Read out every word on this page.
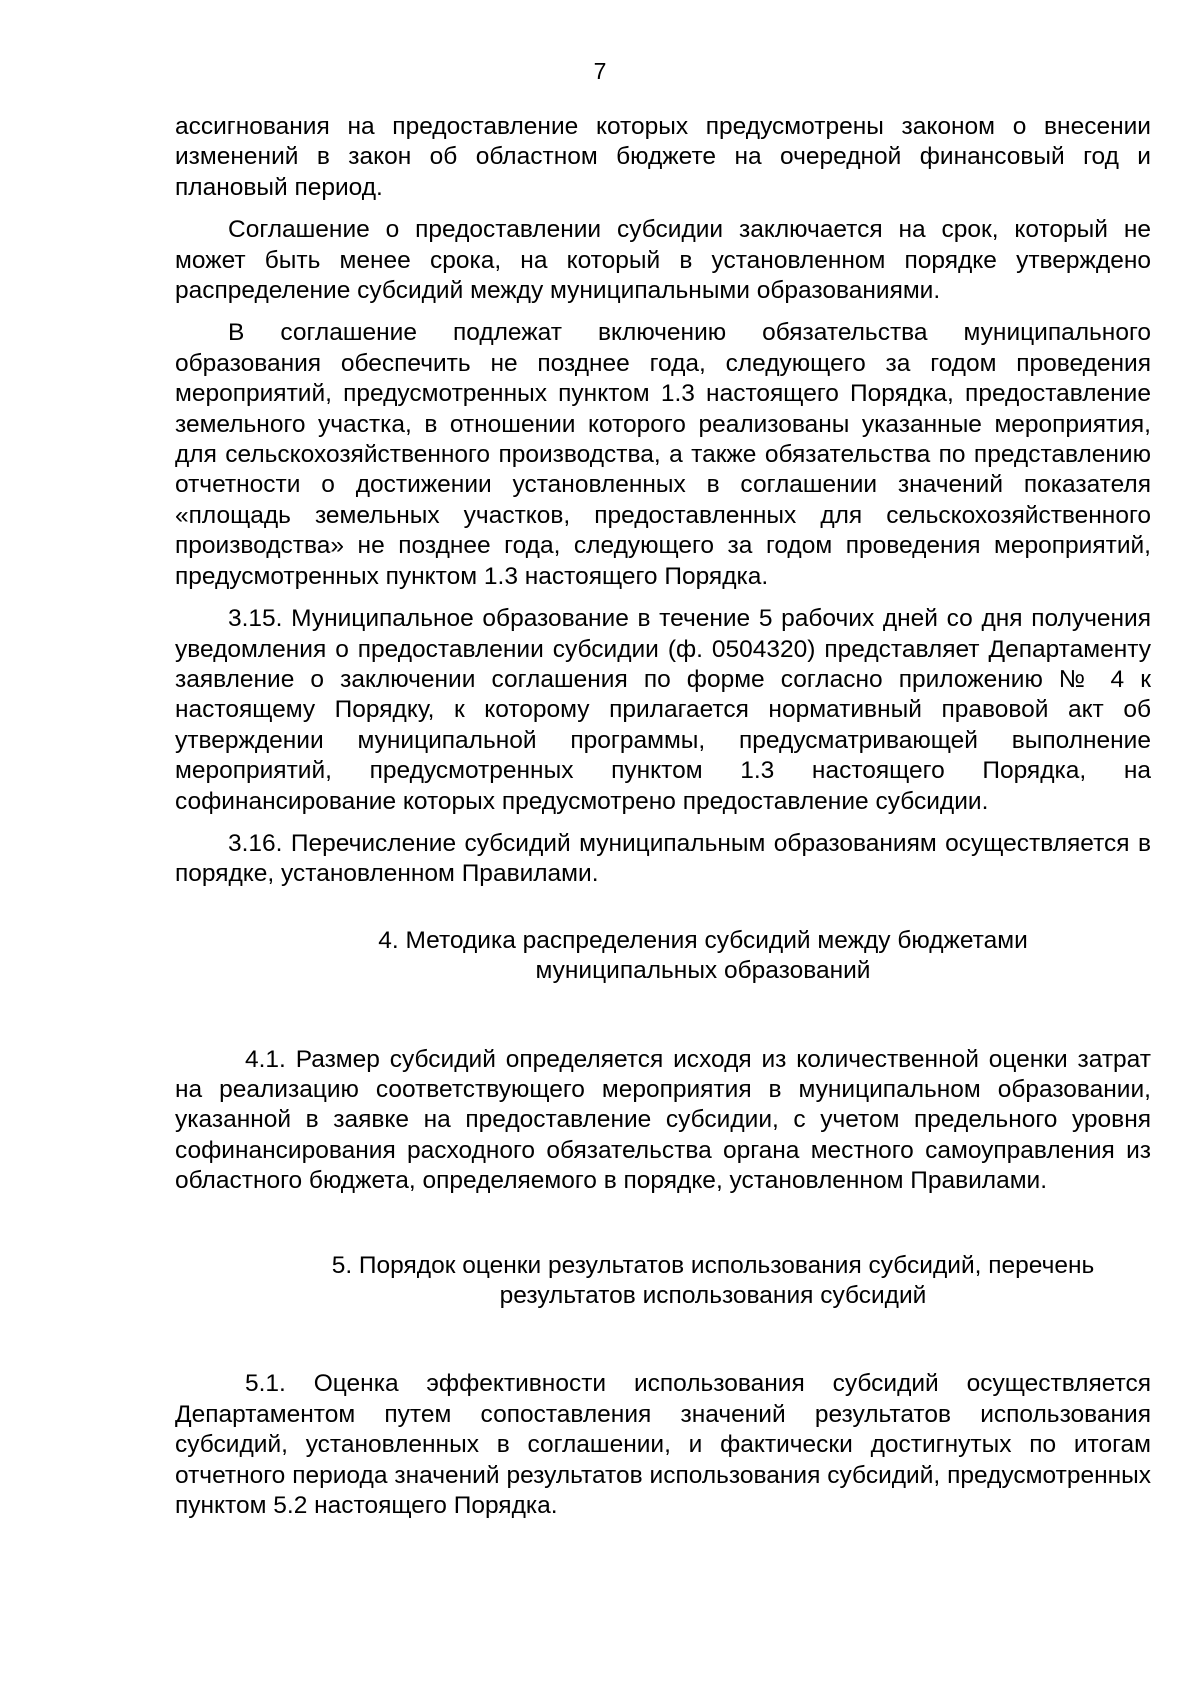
7

ассигнования на предоставление которых предусмотрены законом о внесении изменений в закон об областном бюджете на очередной финансовый год и плановый период.

Соглашение о предоставлении субсидии заключается на срок, который не может быть менее срока, на который в установленном порядке утверждено распределение субсидий между муниципальными образованиями.

В соглашение подлежат включению обязательства муниципального образования обеспечить не позднее года, следующего за годом проведения мероприятий, предусмотренных пунктом 1.3 настоящего Порядка, предоставление земельного участка, в отношении которого реализованы указанные мероприятия, для сельскохозяйственного производства, а также обязательства по представлению отчетности о достижении установленных в соглашении значений показателя «площадь земельных участков, предоставленных для сельскохозяйственного производства» не позднее года, следующего за годом проведения мероприятий, предусмотренных пунктом 1.3 настоящего Порядка.

3.15. Муниципальное образование в течение 5 рабочих дней со дня получения уведомления о предоставлении субсидии (ф. 0504320) представляет Департаменту заявление о заключении соглашения по форме согласно приложению № 4 к настоящему Порядку, к которому прилагается нормативный правовой акт об утверждении муниципальной программы, предусматривающей выполнение мероприятий, предусмотренных пунктом 1.3 настоящего Порядка, на софинансирование которых предусмотрено предоставление субсидии.

3.16. Перечисление субсидий муниципальным образованиям осуществляется в порядке, установленном Правилами.

4. Методика распределения субсидий между бюджетами
муниципальных образований

4.1. Размер субсидий определяется исходя из количественной оценки затрат на реализацию соответствующего мероприятия в муниципальном образовании, указанной в заявке на предоставление субсидии, с учетом предельного уровня софинансирования расходного обязательства органа местного самоуправления из областного бюджета, определяемого в порядке, установленном Правилами.

5. Порядок оценки результатов использования субсидий, перечень
результатов использования субсидий

5.1. Оценка эффективности использования субсидий осуществляется Департаментом путем сопоставления значений результатов использования субсидий, установленных в соглашении, и фактически достигнутых по итогам отчетного периода значений результатов использования субсидий, предусмотренных пунктом 5.2 настоящего Порядка.
